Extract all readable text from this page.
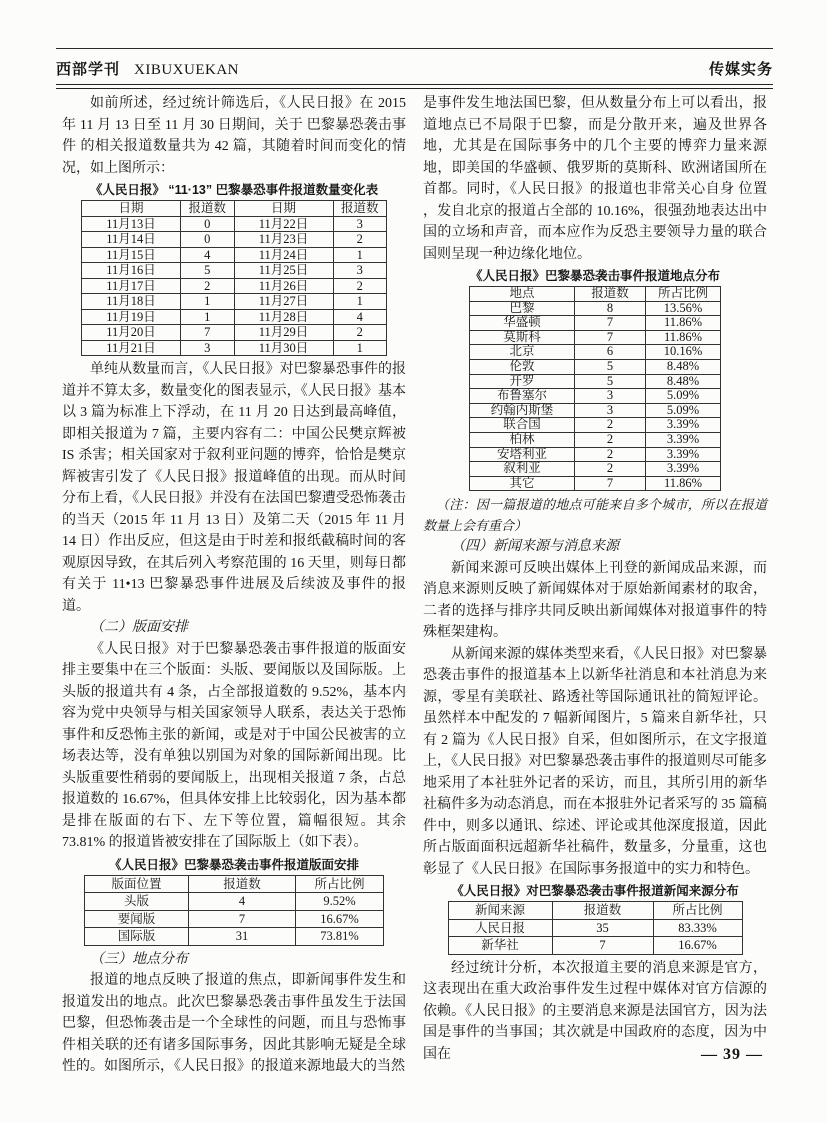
西部学刊 XIBUXUEKAN	传媒实务

如前所述，经过统计筛选后，《人民日报》在 2015 年 11 月 13 日至 11 月 30 日期间，关于 巴黎暴恐袭击事件 的相关报道数量共为 42 篇，其随着时间而变化的情况，如上图所示：

《人民日报》 “11·13” 巴黎暴恐事件报道数量变化表
日期	报道数	日期	报道数
11月13日	0	11月22日	3
11月14日	0	11月23日	2
11月15日	4	11月24日	1
11月16日	5	11月25日	3
11月17日	2	11月26日	2
11月18日	1	11月27日	1
11月19日	1	11月28日	4
11月20日	7	11月29日	2
11月21日	3	11月30日	1

单纯从数量而言，《人民日报》对巴黎暴恐事件的报道并不算太多，数量变化的图表显示，《人民日报》基本以 3 篇为标准上下浮动，在 11 月 20 日达到最高峰值，即相关报道为 7 篇，主要内容有二：中国公民樊京辉被 IS 杀害；相关国家对于叙利亚问题的博弈，恰恰是樊京辉被害引发了《人民日报》报道峰值的出现。而从时间分布上看，《人民日报》并没有在法国巴黎遭受恐怖袭击的当天（2015 年 11 月 13 日）及第二天（2015 年 11 月 14 日）作出反应，但这是由于时差和报纸截稿时间的客观原因导致，在其后列入考察范围的 16 天里，则每日都有关于 11•13 巴黎暴恐事件进展及后续波及事件的报道。

（二）版面安排

《人民日报》对于巴黎暴恐袭击事件报道的版面安排主要集中在三个版面：头版、要闻版以及国际版。上头版的报道共有 4 条，占全部报道数的 9.52%，基本内容为党中央领导与相关国家领导人联系，表达关于恐怖事件和反恐怖主张的新闻，或是对于中国公民被害的立场表达等，没有单独以别国为对象的国际新闻出现。比头版重要性稍弱的要闻版上，出现相关报道 7 条，占总报道数的 16.67%，但具体安排上比较弱化，因为基本都是排在版面的右下、左下等位置，篇幅很短。其余 73.81% 的报道皆被安排在了国际版上（如下表）。

《人民日报》巴黎暴恐袭击事件报道版面安排
版面位置	报道数	所占比例
头版	4	9.52%
要闻版	7	16.67%
国际版	31	73.81%

（三）地点分布

报道的地点反映了报道的焦点，即新闻事件发生和报道发出的地点。此次巴黎暴恐袭击事件虽发生于法国巴黎，但恐怖袭击是一个全球性的问题，而且与恐怖事件相关联的还有诸多国际事务，因此其影响无疑是全球性的。如图所示，《人民日报》的报道来源地最大的当然

是事件发生地法国巴黎，但从数量分布上可以看出，报道地点已不局限于巴黎，而是分散开来，遍及世界各地，尤其是在国际事务中的几个主要的博弈力量来源地，即美国的华盛顿、俄罗斯的莫斯科、欧洲诸国所在首都。同时，《人民日报》的报道也非常关心自身 位置 ，发自北京的报道占全部的 10.16%，很强劲地表达出中国的立场和声音，而本应作为反恐主要领导力量的联合国则呈现一种边缘化地位。

《人民日报》巴黎暴恐袭击事件报道地点分布
地点	报道数	所占比例
巴黎	8	13.56%
华盛顿	7	11.86%
莫斯科	7	11.86%
北京	6	10.16%
伦敦	5	8.48%
开罗	5	8.48%
布鲁塞尔	3	5.09%
约翰内斯堡	3	5.09%
联合国	2	3.39%
柏林	2	3.39%
安塔利亚	2	3.39%
叙利亚	2	3.39%
其它	7	11.86%

（注：因一篇报道的地点可能来自多个城市，所以在报道数量上会有重合）

（四）新闻来源与消息来源

新闻来源可反映出媒体上刊登的新闻成品来源，而消息来源则反映了新闻媒体对于原始新闻素材的取舍，二者的选择与排序共同反映出新闻媒体对报道事件的特殊框架建构。

从新闻来源的媒体类型来看，《人民日报》对巴黎暴恐袭击事件的报道基本上以新华社消息和本社消息为来源，零星有美联社、路透社等国际通讯社的简短评论。虽然样本中配发的 7 幅新闻图片，5 篇来自新华社，只有 2 篇为《人民日报》自采，但如图所示，在文字报道上，《人民日报》对巴黎暴恐袭击事件的报道则尽可能多地采用了本社驻外记者的采访，而且，其所引用的新华社稿件多为动态消息，而在本报驻外记者采写的 35 篇稿件中，则多以通讯、综述、评论或其他深度报道，因此所占版面面积远超新华社稿件，数量多，分量重，这也彰显了《人民日报》在国际事务报道中的实力和特色。

《人民日报》对巴黎暴恐袭击事件报道新闻来源分布
新闻来源	报道数	所占比例
人民日报	35	83.33%
新华社	7	16.67%

经过统计分析，本次报道主要的消息来源是官方，这表现出在重大政治事件发生过程中媒体对官方信源的依赖。《人民日报》的主要消息来源是法国官方，因为法国是事件的当事国；其次就是中国政府的态度，因为中国在	— 39 —
